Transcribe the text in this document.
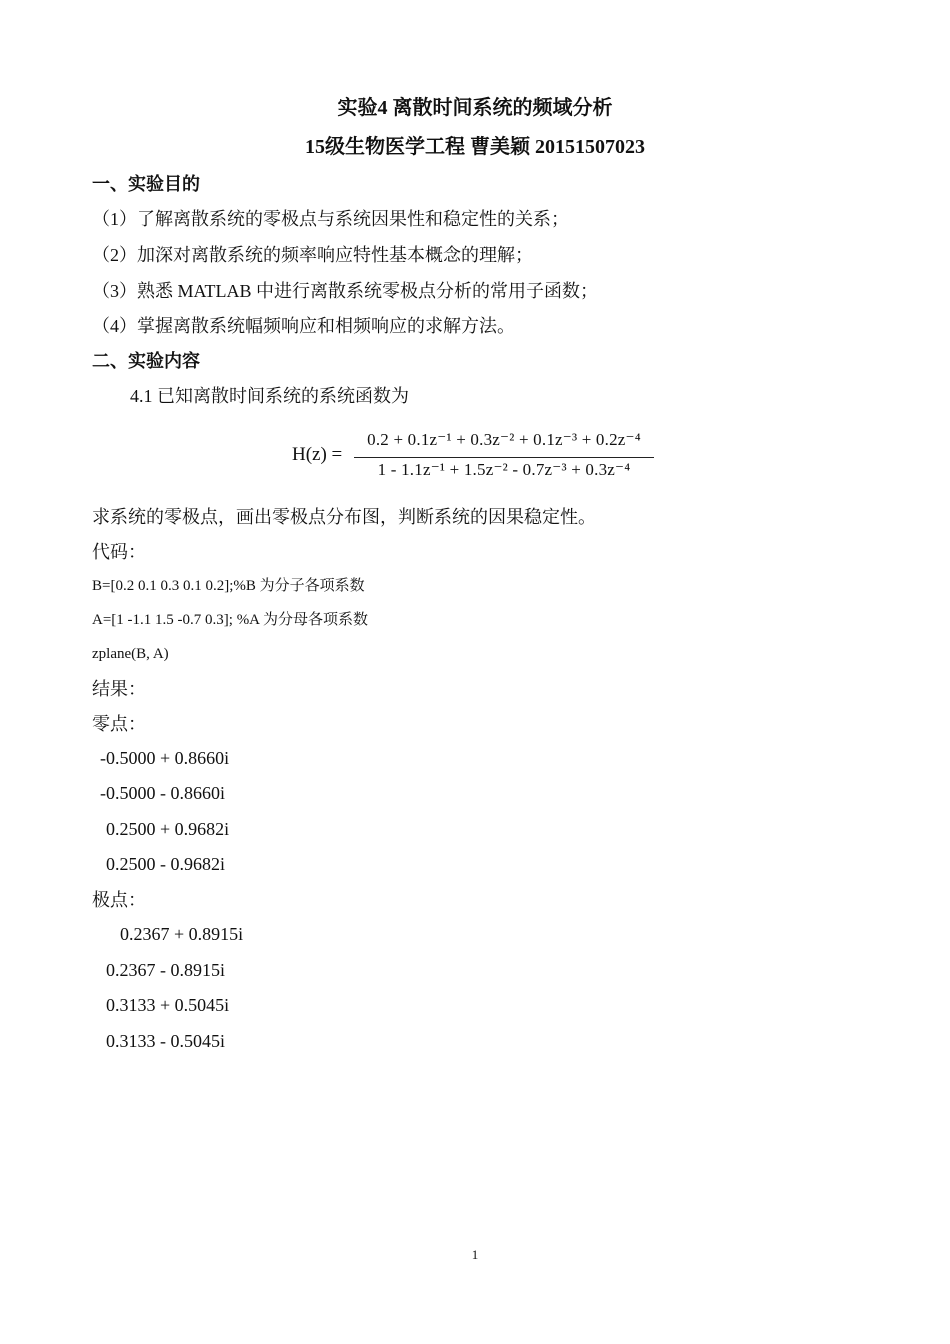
实验4 离散时间系统的频域分析
15级生物医学工程 曹美颖 20151507023
一、实验目的
（1）了解离散系统的零极点与系统因果性和稳定性的关系；
（2）加深对离散系统的频率响应特性基本概念的理解；
（3）熟悉 MATLAB 中进行离散系统零极点分析的常用子函数；
（4）掌握离散系统幅频响应和相频响应的求解方法。
二、实验内容
4.1 已知离散时间系统的系统函数为
H(z) =
0.2 + 0.1z⁻¹ + 0.3z⁻² + 0.1z⁻³ + 0.2z⁻⁴
1 - 1.1z⁻¹ + 1.5z⁻² - 0.7z⁻³ + 0.3z⁻⁴
求系统的零极点，画出零极点分布图，判断系统的因果稳定性。
代码：
B=[0.2 0.1 0.3 0.1 0.2];%B 为分子各项系数
A=[1 -1.1 1.5 -0.7 0.3]; %A 为分母各项系数
zplane(B, A)
结果：
零点：
-0.5000 + 0.8660i
-0.5000 - 0.8660i
0.2500 + 0.9682i
0.2500 - 0.9682i
极点：
0.2367 + 0.8915i
0.2367 - 0.8915i
0.3133 + 0.5045i
0.3133 - 0.5045i
1
